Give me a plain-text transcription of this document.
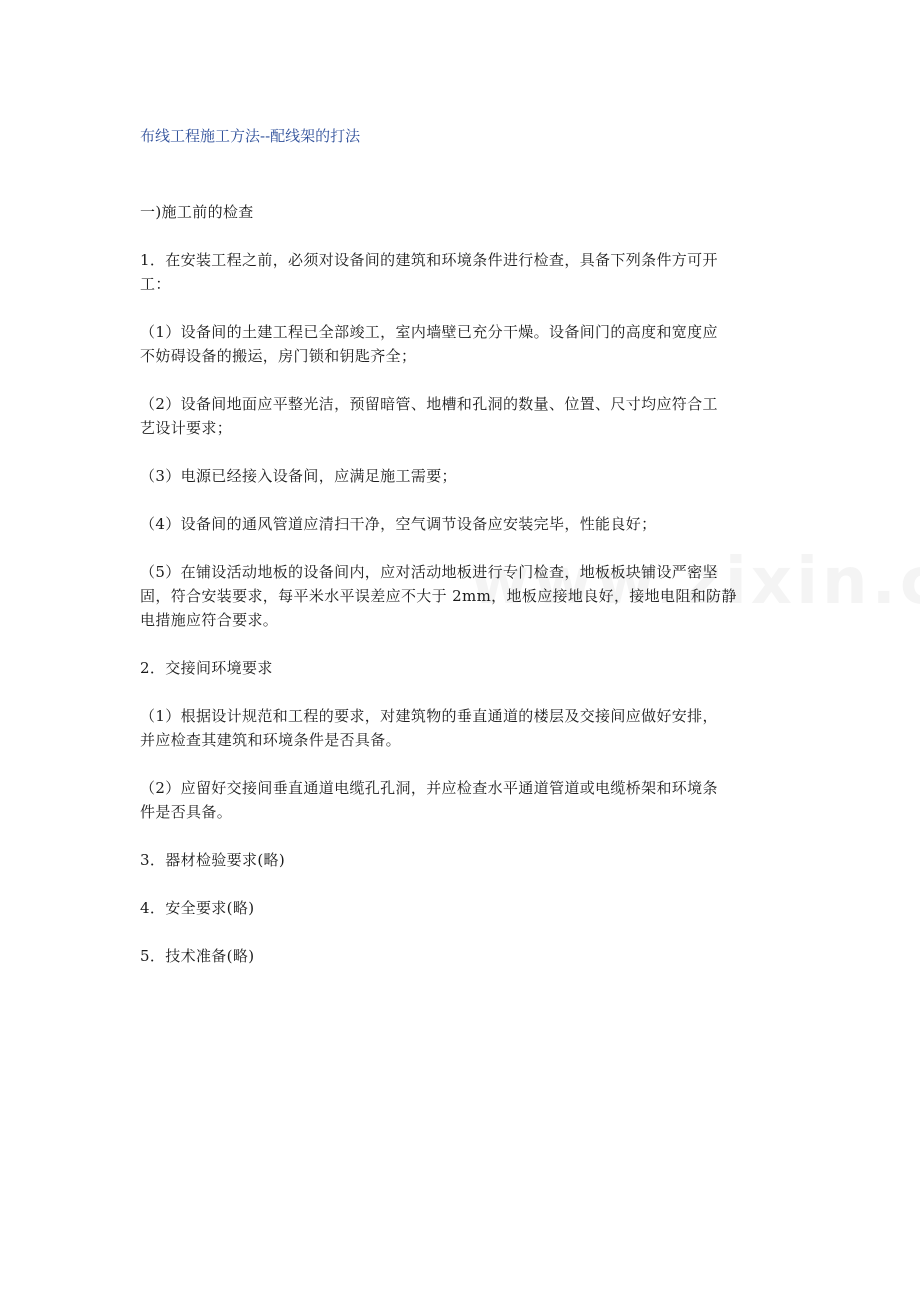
布线工程施工方法--配线架的打法

一)施工前的检查

1．在安装工程之前，必须对设备间的建筑和环境条件进行检查，具备下列条件方可开

工：

（1）设备间的土建工程已全部竣工，室内墙壁已充分干燥。设备间门的高度和宽度应

不妨碍设备的搬运，房门锁和钥匙齐全；

（2）设备间地面应平整光洁，预留暗管、地槽和孔洞的数量、位置、尺寸均应符合工

艺设计要求；

（3）电源已经接入设备间，应满足施工需要；

（4）设备间的通风管道应清扫干净，空气调节设备应安装完毕，性能良好；

（5）在铺设活动地板的设备间内，应对活动地板进行专门检查，地板板块铺设严密坚

固，符合安装要求，每平米水平误差应不大于 2mm，地板应接地良好，接地电阻和防静

电措施应符合要求。

2．交接间环境要求

（1）根据设计规范和工程的要求，对建筑物的垂直通道的楼层及交接间应做好安排，

并应检查其建筑和环境条件是否具备。

（2）应留好交接间垂直通道电缆孔孔洞，并应检查水平通道管道或电缆桥架和环境条

件是否具备。

3．器材检验要求(略)

4．安全要求(略)

5．技术准备(略)
